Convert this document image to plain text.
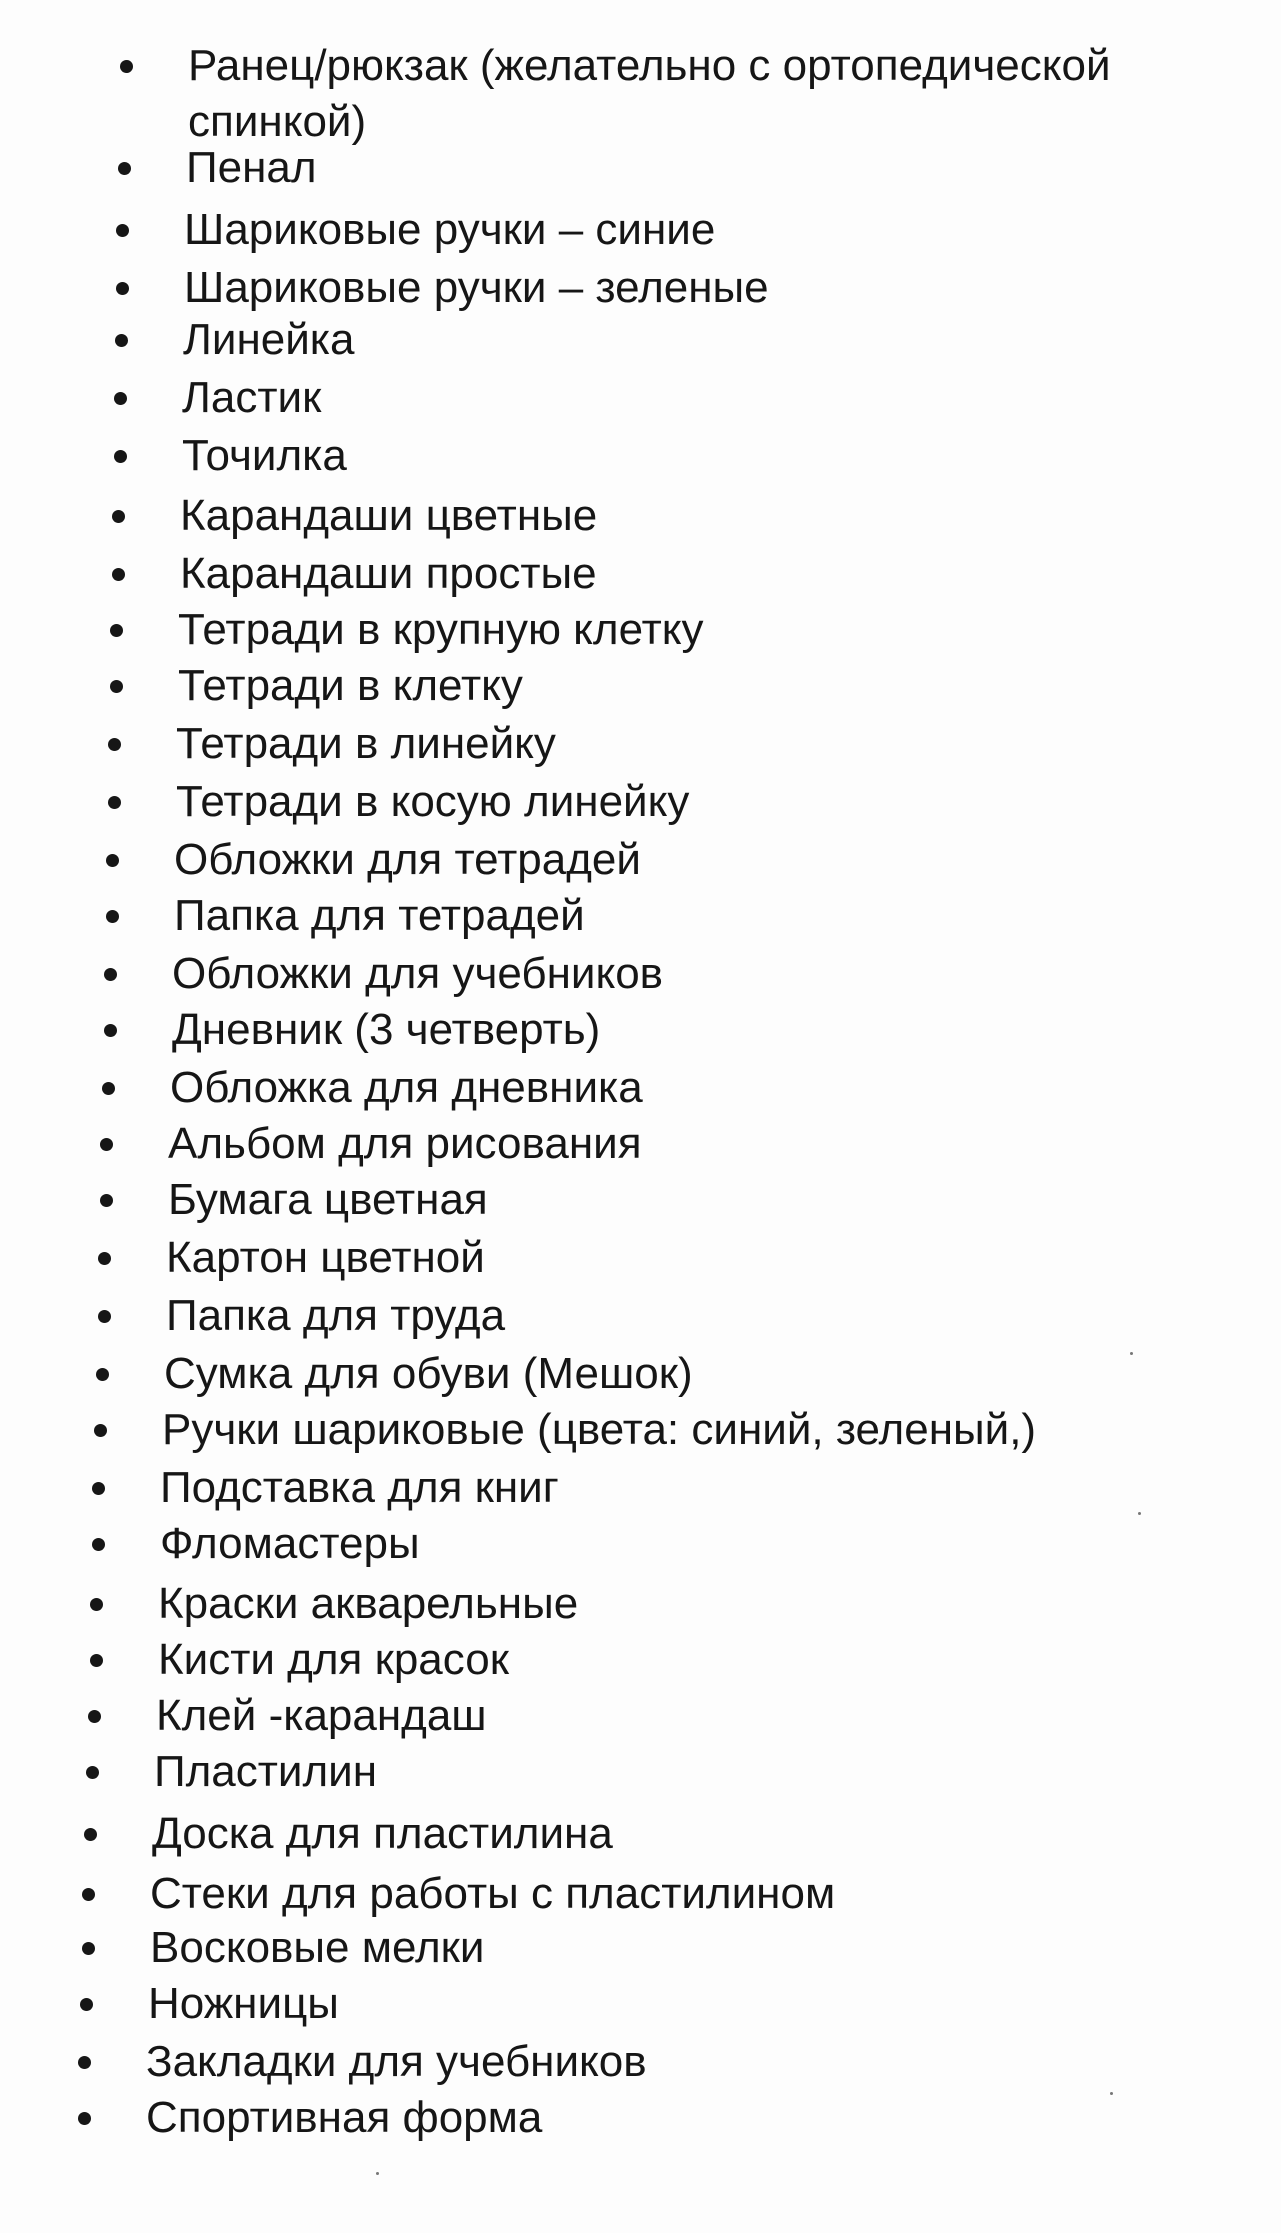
Ранец/рюкзак (желательно с ортопедической
спинкой)
Пенал
Шариковые ручки – синие
Шариковые ручки – зеленые
Линейка
Ластик
Точилка
Карандаши цветные
Карандаши простые
Тетради в крупную клетку
Тетради в клетку
Тетради в линейку
Тетради в косую линейку
Обложки для тетрадей
Папка для тетрадей
Обложки для учебников
Дневник (3 четверть)
Обложка для дневника
Альбом для рисования
Бумага цветная
Картон цветной
Папка для труда
Сумка для обуви (Мешок)
Ручки шариковые (цвета: синий, зеленый,)
Подставка для книг
Фломастеры
Краски акварельные
Кисти для красок
Клей -карандаш
Пластилин
Доска для пластилина
Стеки для работы с пластилином
Восковые мелки
Ножницы
Закладки для учебников
Спортивная форма
